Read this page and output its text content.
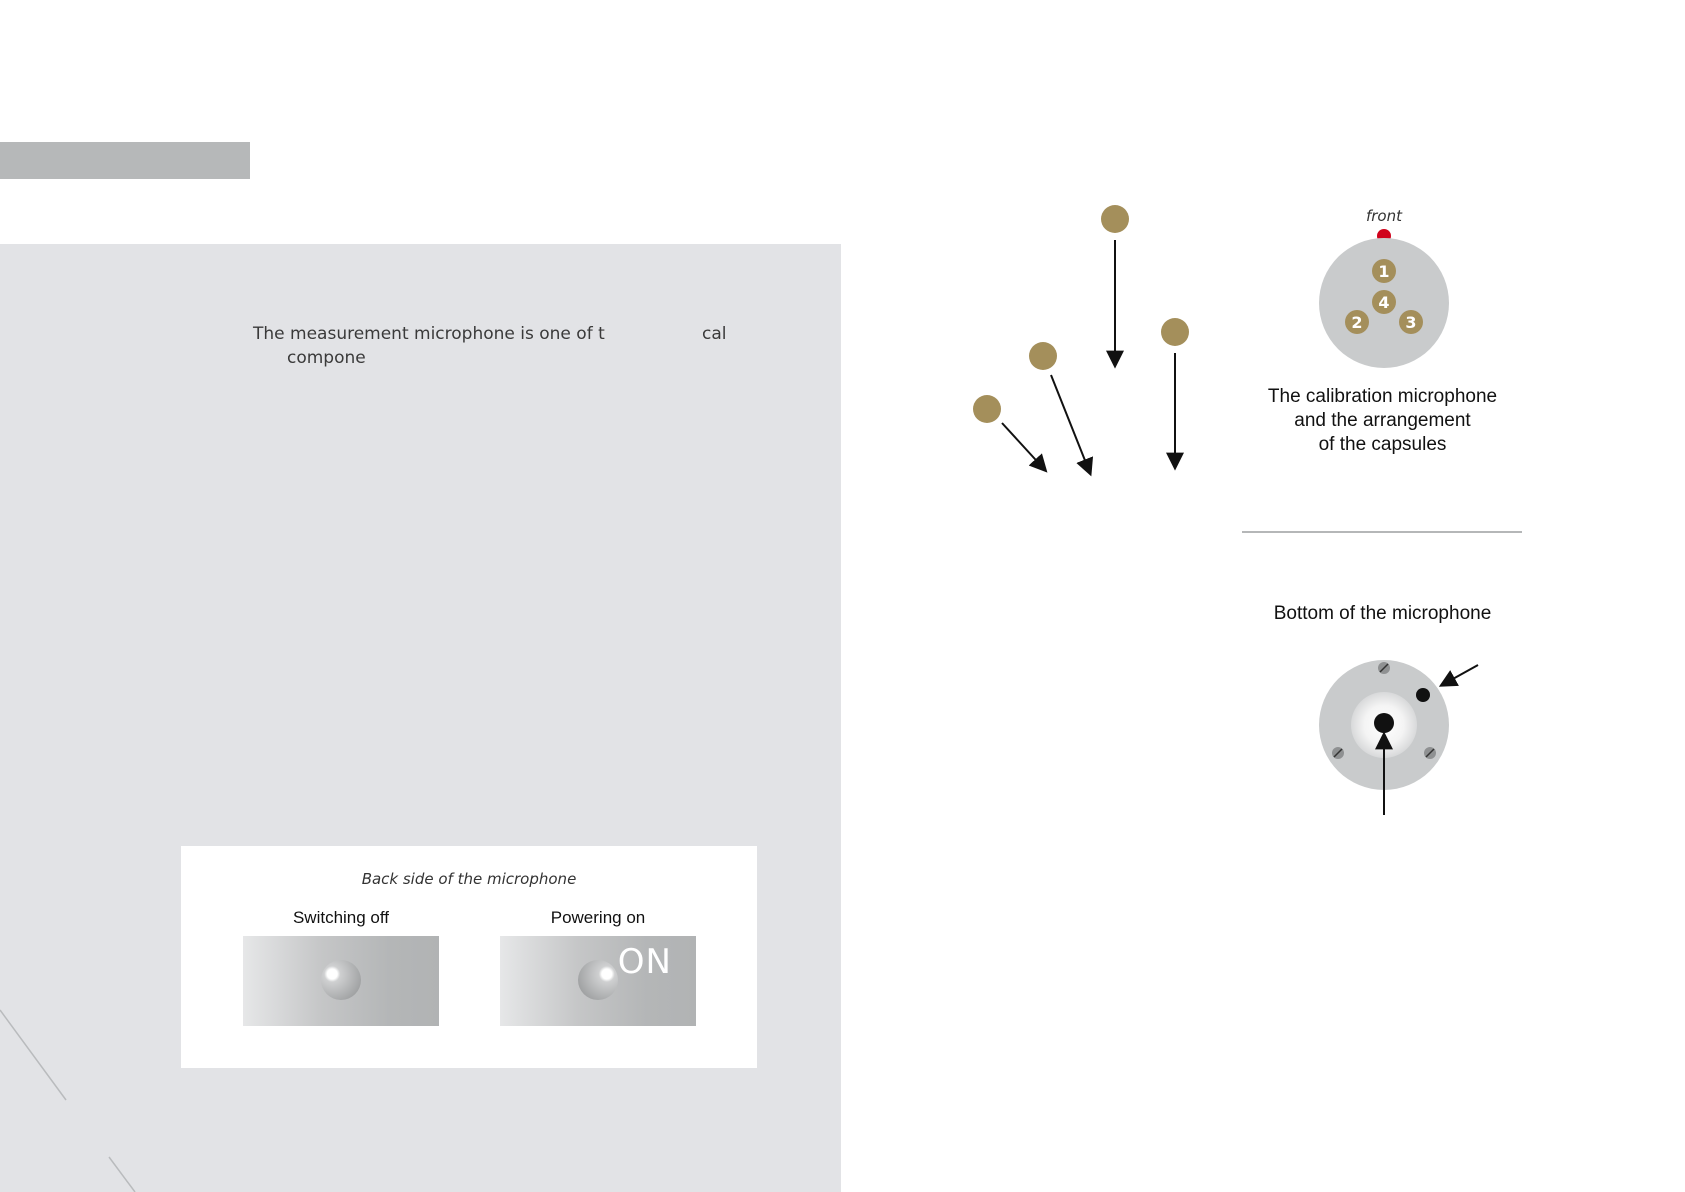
The measurement microphone is one of t                  cal
compone
Back side of the microphone
Switching off	Powering on
ON
front
1
4
2	3
The calibration microphone
and the arrangement
of the capsules
Bottom of the microphone
